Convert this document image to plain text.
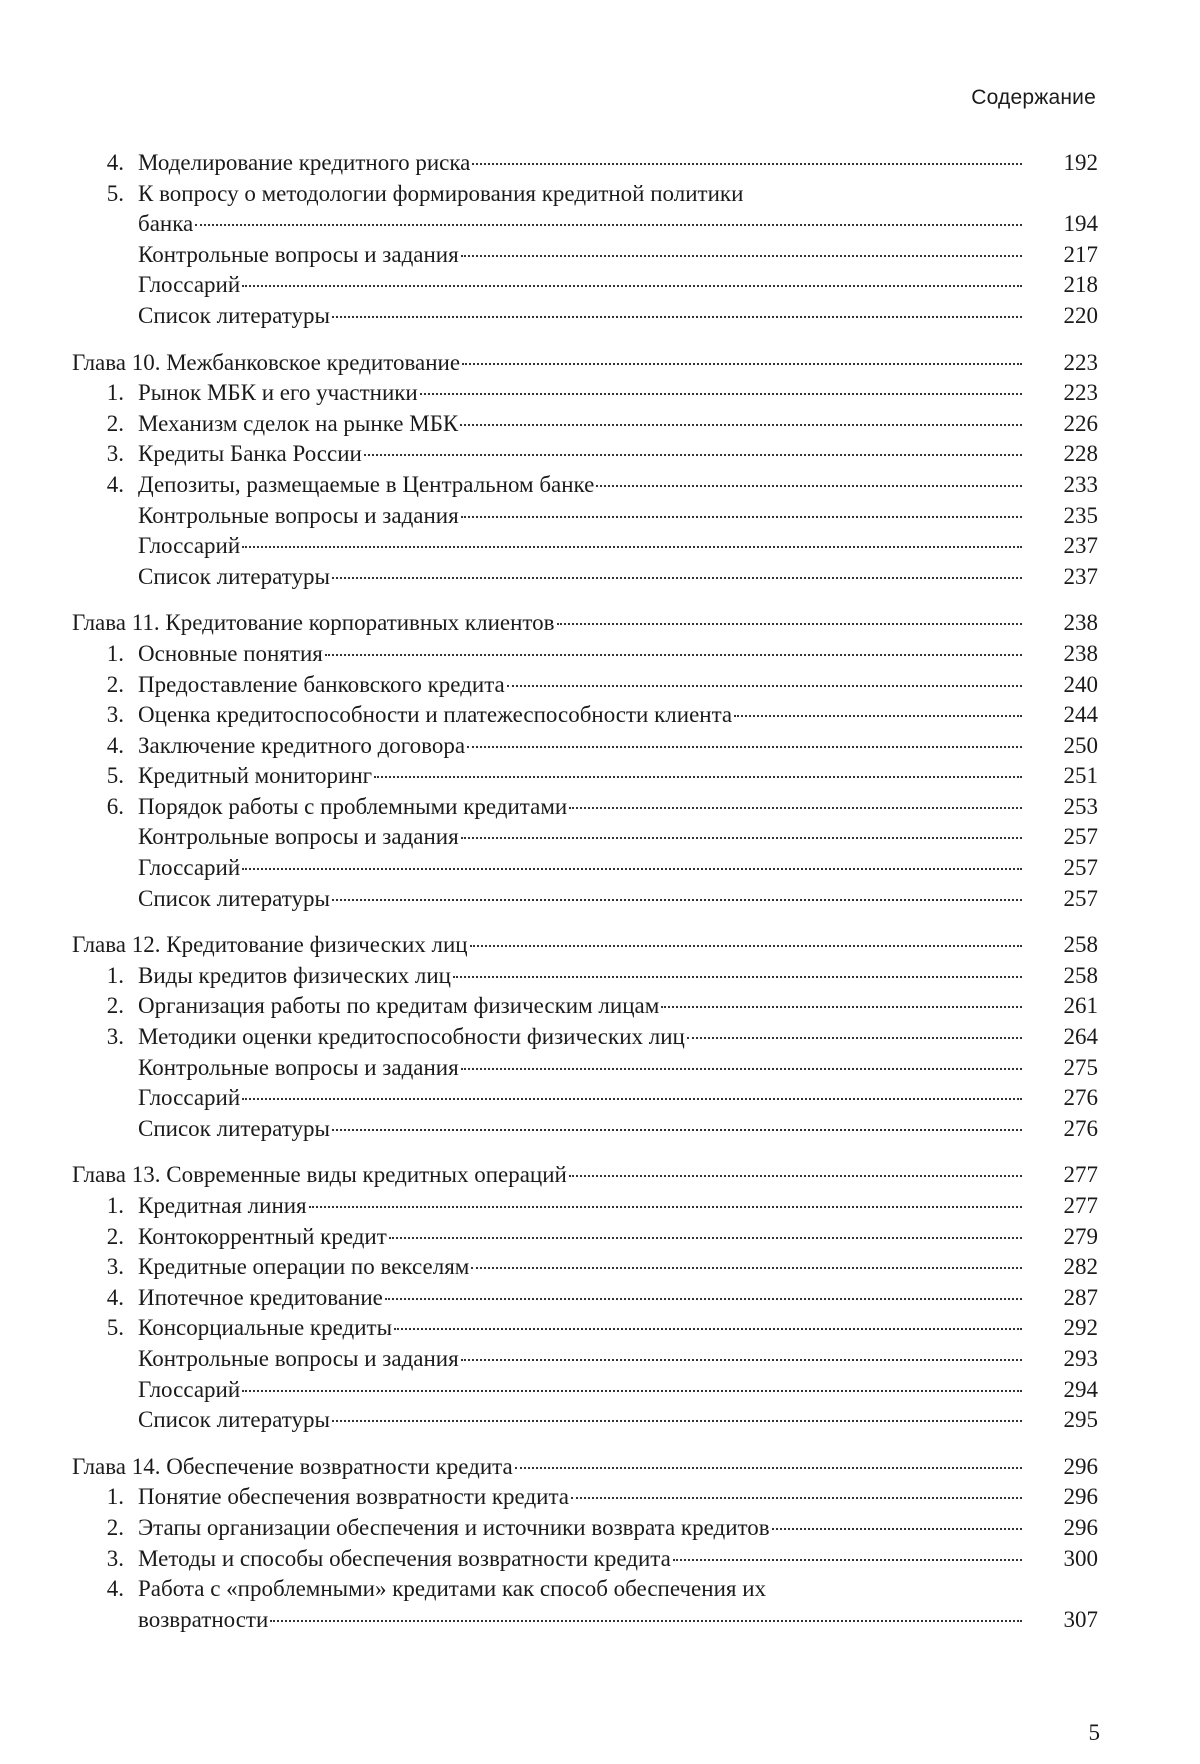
Содержание
4. Моделирование кредитного риска	192
5. К вопросу о методологии формирования кредитной политики
банка	194
Контрольные вопросы и задания	217
Глоссарий	218
Список литературы	220
Глава 10. Межбанковское кредитование	223
1. Рынок МБК и его участники	223
2. Механизм сделок на рынке МБК	226
3. Кредиты Банка России	228
4. Депозиты, размещаемые в Центральном банке	233
Контрольные вопросы и задания	235
Глоссарий	237
Список литературы	237
Глава 11. Кредитование корпоративных клиентов	238
1. Основные понятия	238
2. Предоставление банковского кредита	240
3. Оценка кредитоспособности и платежеспособности клиента	244
4. Заключение кредитного договора	250
5. Кредитный мониторинг	251
6. Порядок работы с проблемными кредитами	253
Контрольные вопросы и задания	257
Глоссарий	257
Список литературы	257
Глава 12. Кредитование физических лиц	258
1. Виды кредитов физических лиц	258
2. Организация работы по кредитам физическим лицам	261
3. Методики оценки кредитоспособности физических лиц	264
Контрольные вопросы и задания	275
Глоссарий	276
Список литературы	276
Глава 13. Современные виды кредитных операций	277
1. Кредитная линия	277
2. Контокоррентный кредит	279
3. Кредитные операции по векселям	282
4. Ипотечное кредитование	287
5. Консорциальные кредиты	292
Контрольные вопросы и задания	293
Глоссарий	294
Список литературы	295
Глава 14. Обеспечение возвратности кредита	296
1. Понятие обеспечения возвратности кредита	296
2. Этапы организации обеспечения и источники возврата кредитов	296
3. Методы и способы обеспечения возвратности кредита	300
4. Работа с «проблемными» кредитами как способ обеспечения их
возвратности	307
5
